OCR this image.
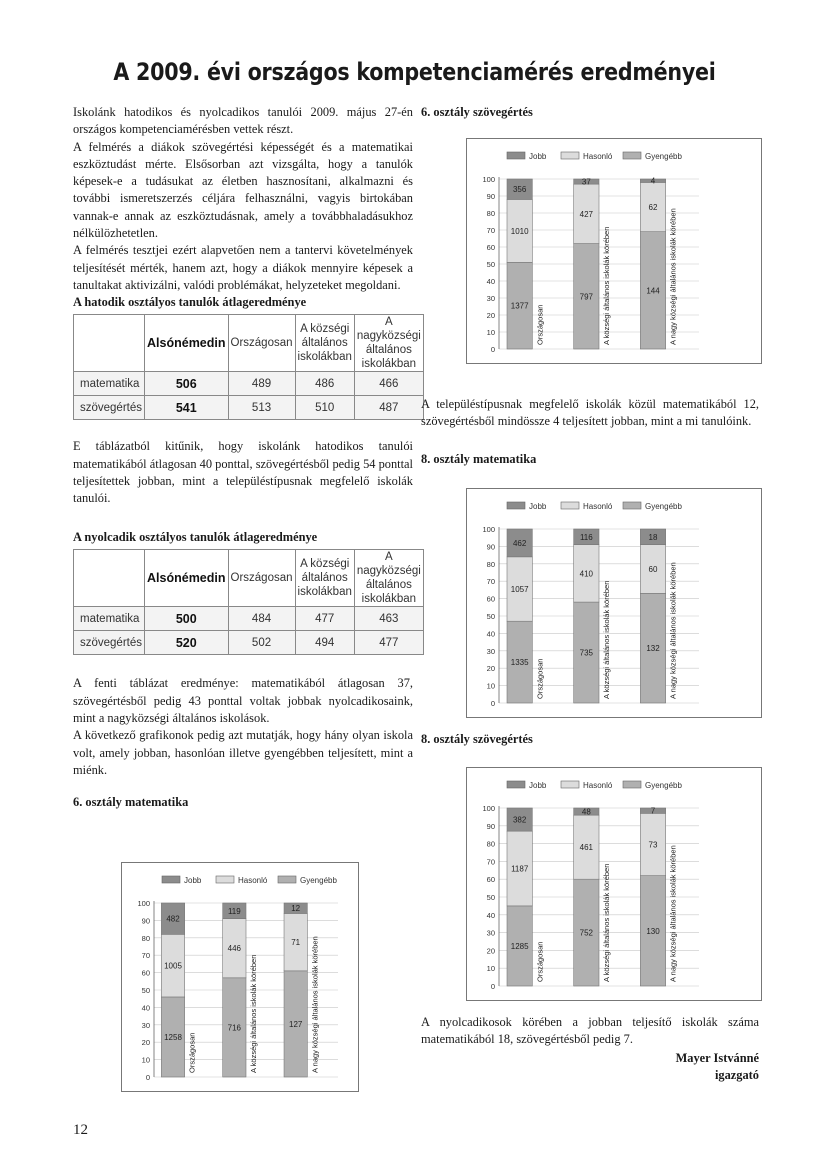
A 2009. évi országos kompetenciamérés eredményei

Iskolánk hatodikos és nyolcadikos tanulói 2009. május 27-én országos kompetenciamérésben vettek részt.

A felmérés a diákok szövegértési képességét és a matematikai eszköztudást mérte. Elsősorban azt vizsgálta, hogy a tanulók képesek-e a tudásukat az életben hasznosítani, alkalmazni és további ismeretszerzés céljára felhasználni, vagyis birtokában vannak-e annak az eszköztudásnak, amely a továbbhaladásukhoz nélkülözhetetlen.

A felmérés tesztjei ezért alapvetően nem a tantervi követelmények teljesítését mérték, hanem azt, hogy a diákok mennyire képesek a tanultakat aktivizálni, valódi problémákat, helyzeteket megoldani.

A hatodik osztályos tanulók átlageredménye
	Alsónémedin	Országosan	A községi általános iskolákban	A nagyközségi általános iskolákban
matematika	506	489	486	466
szövegértés	541	513	510	487

E táblázatból kitűnik, hogy iskolánk hatodikos tanulói matematikából átlagosan 40 ponttal, szövegértésből pedig 54 ponttal teljesítettek jobban, mint a településtípusnak megfelelő iskolák tanulói.

A nyolcadik osztályos tanulók átlageredménye
	Alsónémedin	Országosan	A községi általános iskolákban	A nagyközségi általános iskolákban
matematika	500	484	477	463
szövegértés	520	502	494	477

A fenti táblázat eredménye: matematikából átlagosan 37, szövegértésből pedig 43 ponttal voltak jobbak nyolcadikosaink, mint a nagyközségi általános iskolások.

A következő grafikonok pedig azt mutatják, hogy hány olyan iskola volt, amely jobban, hasonlóan illetve gyengébben teljesített, mint a miénk.

6. osztály matematika
6. osztály szövegértés

A településtípusnak megfelelő iskolák közül matematikából 12, szövegértésből mindössze 4 teljesített jobban, mint a mi tanulóink.

8. osztály matematika
8. osztály szövegértés

A nyolcadikosok körében a jobban teljesítő iskolák száma matematikából 18, szövegértésből pedig 7.

Mayer Istvánné
igazgató
Jobb	Hasonló	Gyengébb
0
10
20
30
40
50
60
70
80
90
100
1377
1010
356
Országosan
797
427
37
A községi általános iskolák körében	144
62
4
A nagy községi általános iskolák körében
Jobb	Hasonló	Gyengébb
0
10
20
30
40
50
60
70
80
90
100
1335
1057
462
Országosan
735
410
116
A községi általános iskolák körében	132
60
18
A nagy községi általános iskolák körében
Jobb	Hasonló	Gyengébb
0
10
20
30
40
50
60
70
80
90
100
1285
1187
382
Országosan
752
461
48
A községi általános iskolák körében	130
73
7
A nagy községi általános iskolák körében
Jobb	Hasonló	Gyengébb
0
10
20
30
40
50
60
70
80
90
100
1258
1005
482
Országosan
716
446
119
A községi általános iskolák körében	127
71
12
A nagy községi általános iskolák körében
12
